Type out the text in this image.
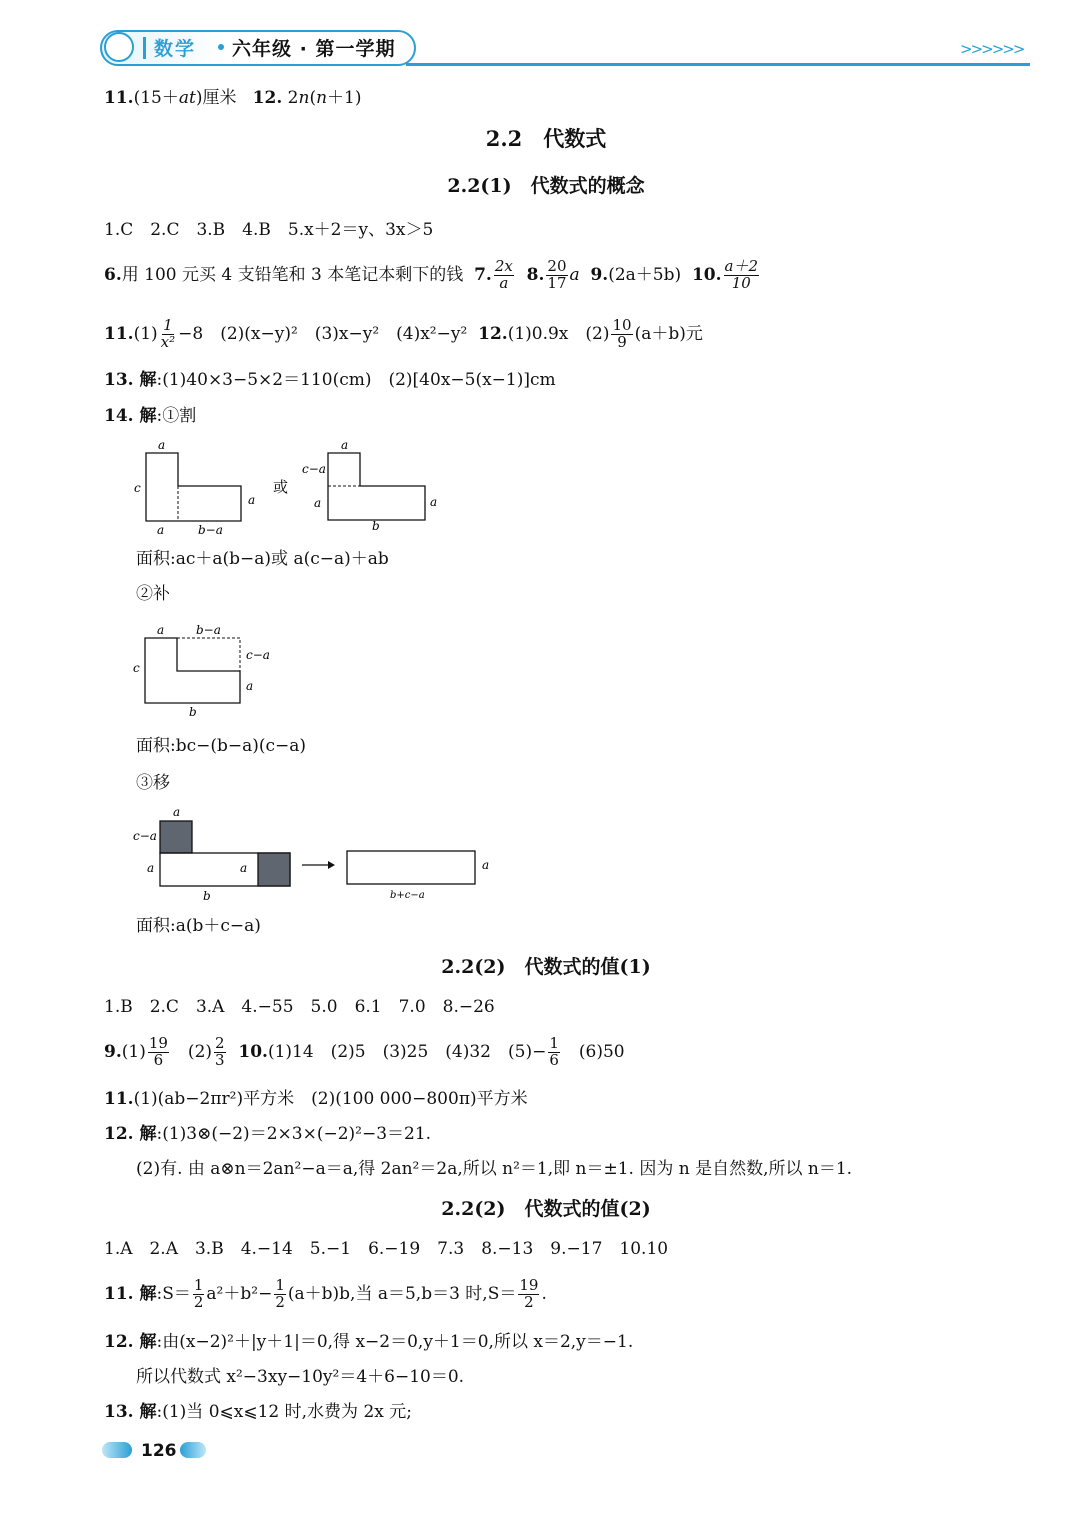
数学 六年级 · 第一学期	>>>>>>
11.(15＋at)厘米 12. 2n(n＋1)
2.2　代数式
2.2(1)　代数式的概念
1.C　2.C　3.B　4.B　5.x＋2＝y、3x＞5
6.用 100 元买 4 支铅笔和 3 本笔记本剩下的钱 7. $\frac{2x}{a} 8$. $\frac{20}{17}$ a 9.(2a＋5b) 10. $\frac{a+2}{10}$
$11.(1) \frac{1}{\text{x²}} -8$　(2)(x−y)²　(3)x−y²　(4)x²−y² 12.(1)0.9x　$(2) \frac{10}{9} (a+b)$元
13. 解:(1)40×3−5×2＝110(cm)　(2)[40x−5(x−1)]cm
14. 解:①割
a
c
a
a	b−a
或
a
c−a
a	a
b
面积:ac＋a(b−a)或 a(c−a)＋ab
②补
a	b−a
c−a
c
a
b
面积:bc−(b−a)(c−a)
③移
a
c−a
a	a
b
a
b+c−a
面积:a(b＋c−a)
2.2(2)　代数式的值(1)
1.B　2.C　3.A　4.−55　5.0　6.1　7.0　8.−26
$9.(1) \frac{19}{6}$ 　$(2) \frac{2}{3} 10.(1)14$　(2)5　(3)25　(4)32　$(5)- \frac{1}{6}$ 　(6)50
11.(1)(ab−2πr²)平方米　(2)(100 000−800π)平方米
12. 解:(1)3⊗(−2)＝2×3×(−2)²−3＝21.
(2)有. 由 a⊗n＝2an²−a＝a,得 2an²＝2a,所以 n²＝1,即 n＝±1. 因为 n 是自然数,所以 n＝1.
2.2(2)　代数式的值(2)
1.A　2.A　3.B　4.−14　5.−1　6.−19　7.3　8.−13　9.−17　10.10
11. 解:S＝ $\frac{1}{2} a^2+b^2- \frac{1}{2} (a+b)b$,当 a＝5,b＝3 时$,S= \frac{19}{2}$ .
12. 解:由(x−2)²＋|y＋1|＝0,得 x−2＝0,y＋1＝0,所以 x＝2,y＝−1.
所以代数式 x²−3xy−10y²＝4＋6−10＝0.
13. 解:(1)当 0⩽x⩽12 时,水费为 2x 元;
126
